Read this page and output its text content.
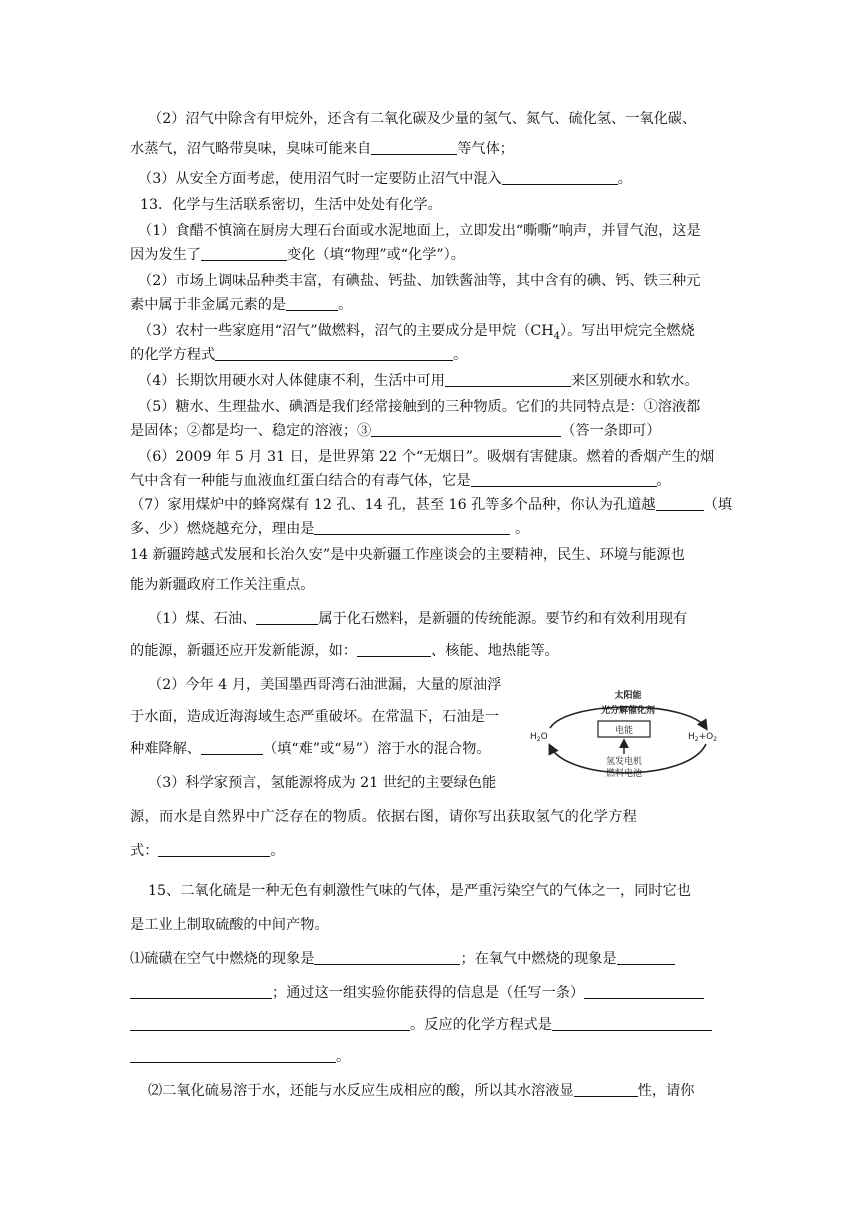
（2）沼气中除含有甲烷外，还含有二氧化碳及少量的氢气、氮气、硫化氢、一氧化碳、
水蒸气，沼气略带臭味，臭味可能来自	等气体；
（3）从安全方面考虑，使用沼气时一定要防止沼气中混入	。
13．化学与生活联系密切，生活中处处有化学。
（1）食醋不慎滴在厨房大理石台面或水泥地面上，立即发出“嘶嘶”响声，并冒气泡，这是
因为发生了	变化（填“物理”或“化学”）。
（2）市场上调味品种类丰富，有碘盐、钙盐、加铁酱油等，其中含有的碘、钙、铁三种元
素中属于非金属元素的是	。
（3）农村一些家庭用“沼气”做燃料，沼气的主要成分是甲烷$(CH_4)$。写出甲烷完全燃烧
的化学方程式	。
（4）长期饮用硬水对人体健康不利，生活中可用	来区别硬水和软水。
（5）糖水、生理盐水、碘酒是我们经常接触到的三种物质。它们的共同特点是：①溶液都
是固体；②都是均一、稳定的溶液；③	（答一条即可）
（6）2009 年 5 月 31 日，是世界第 22 个“无烟日”。吸烟有害健康。燃着的香烟产生的烟
气中含有一种能与血液血红蛋白结合的有毒气体，它是	。
（7）家用煤炉中的蜂窝煤有 12 孔、14 孔，甚至 16 孔等多个品种，你认为孔道越	（填
多、少）燃烧越充分，理由是	。
14 新疆跨越式发展和长治久安”是中央新疆工作座谈会的主要精神，民生、环境与能源也
能为新疆政府工作关注重点。
（1）煤、石油、	属于化石燃料，是新疆的传统能源。要节约和有效利用现有
的能源，新疆还应开发新能源，如：	、核能、地热能等。
（2）今年 4 月，美国墨西哥湾石油泄漏，大量的原油浮
于水面，造成近海海域生态严重破坏。在常温下，石油是一
种难降解、	（填“难”或“易”）溶于水的混合物。
（3）科学家预言，氢能源将成为 21 世纪的主要绿色能
源，而水是自然界中广泛存在的物质。依据右图，请你写出获取氢气的化学方程
式：	。
太阳能
光分解催化剂
电能
$H_2O$	$H_2+O_2$
氢发电机
燃料电池
15、二氧化硫是一种无色有刺激性气味的气体，是严重污染空气的气体之一，同时它也
是工业上制取硫酸的中间产物。
⑴硫磺在空气中燃烧的现象是	；在氧气中燃烧的现象是
；通过这一组实验你能获得的信息是（任写一条）
。反应的化学方程式是
。
⑵二氧化硫易溶于水，还能与水反应生成相应的酸，所以其水溶液显	性，请你
